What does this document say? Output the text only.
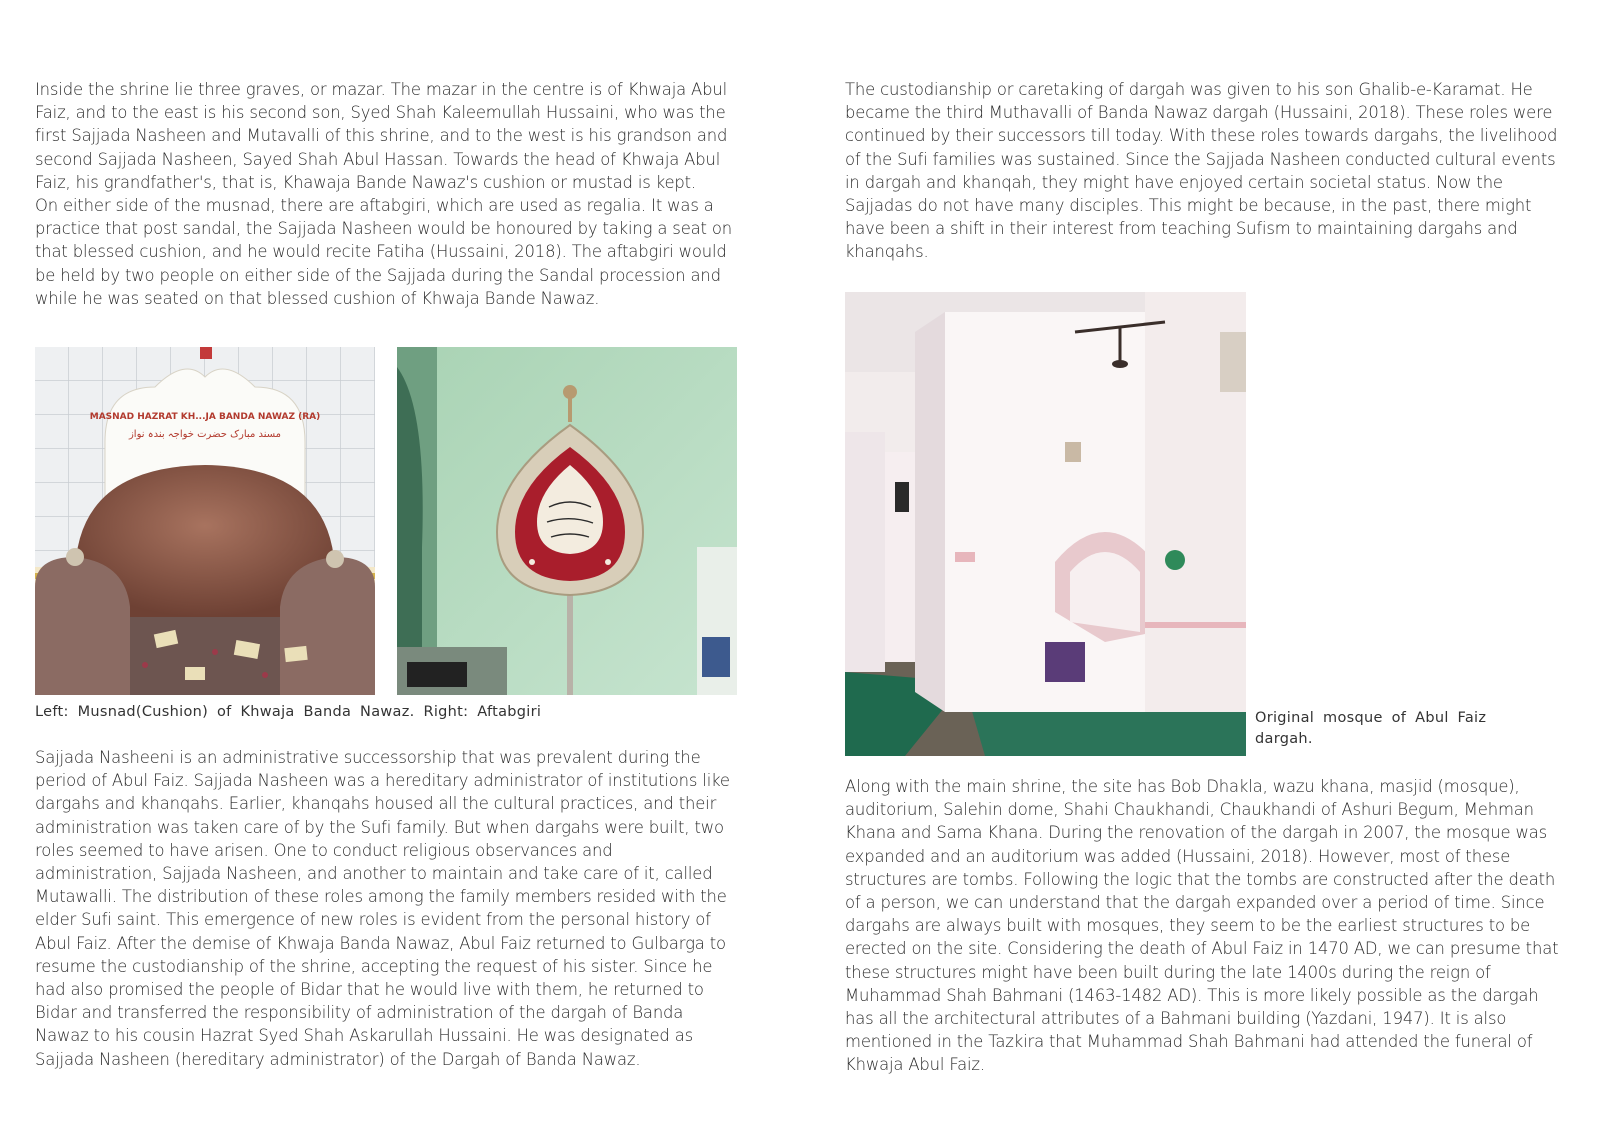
Inside the shrine lie three graves, or mazar. The mazar in the centre is of Khwaja Abul Faiz, and to the east is his second son, Syed Shah Kaleemullah Hussaini, who was the first Sajjada Nasheen and Mutavalli of this shrine, and to the west is his grandson and second Sajjada Nasheen, Sayed Shah Abul Hassan. Towards the head of Khwaja Abul Faiz, his grandfather's, that is, Khawaja Bande Nawaz's cushion or mustad is kept.

On either side of the musnad, there are aftabgiri, which are used as regalia. It was a practice that post sandal, the Sajjada Nasheen would be honoured by taking a seat on that blessed cushion, and he would recite Fatiha (Hussaini, 2018). The aftabgiri would be held by two people on either side of the Sajjada during the Sandal procession and while he was seated on that blessed cushion of Khwaja Bande Nawaz.

MASNAD HAZRAT KH...JA BANDA NAWAZ (RA)
مسند مبارک حضرت خواجہ بندہ نواز

Left: Musnad(Cushion) of Khwaja Banda Nawaz. Right: Aftabgiri

Sajjada Nasheeni is an administrative successorship that was prevalent during the period of Abul Faiz. Sajjada Nasheen was a hereditary administrator of institutions like dargahs and khanqahs. Earlier, khanqahs housed all the cultural practices, and their administration was taken care of by the Sufi family. But when dargahs were built, two roles seemed to have arisen. One to conduct religious observances and administration, Sajjada Nasheen, and another to maintain and take care of it, called Mutawalli. The distribution of these roles among the family members resided with the elder Sufi saint. This emergence of new roles is evident from the personal history of Abul Faiz. After the demise of Khwaja Banda Nawaz, Abul Faiz returned to Gulbarga to resume the custodianship of the shrine, accepting the request of his sister. Since he had also promised the people of Bidar that he would live with them, he returned to Bidar and transferred the responsibility of administration of the dargah of Banda Nawaz to his cousin Hazrat Syed Shah Askarullah Hussaini. He was designated as Sajjada Nasheen (hereditary administrator) of the Dargah of Banda Nawaz.

The custodianship or caretaking of dargah was given to his son Ghalib-e-Karamat. He became the third Muthavalli of Banda Nawaz dargah (Hussaini, 2018). These roles were continued by their successors till today. With these roles towards dargahs, the livelihood of the Sufi families was sustained. Since the Sajjada Nasheen conducted cultural events in dargah and khanqah, they might have enjoyed certain societal status. Now the Sajjadas do not have many disciples. This might be because, in the past, there might have been a shift in their interest from teaching Sufism to maintaining dargahs and khanqahs.

Original mosque of Abul Faiz dargah.

Along with the main shrine, the site has Bob Dhakla, wazu khana, masjid (mosque), auditorium, Salehin dome, Shahi Chaukhandi, Chaukhandi of Ashuri Begum, Mehman Khana and Sama Khana. During the renovation of the dargah in 2007, the mosque was expanded and an auditorium was added (Hussaini, 2018). However, most of these structures are tombs. Following the logic that the tombs are constructed after the death of a person, we can understand that the dargah expanded over a period of time. Since dargahs are always built with mosques, they seem to be the earliest structures to be erected on the site. Considering the death of Abul Faiz in 1470 AD, we can presume that these structures might have been built during the late 1400s during the reign of Muhammad Shah Bahmani (1463-1482 AD). This is more likely possible as the dargah has all the architectural attributes of a Bahmani building (Yazdani, 1947). It is also mentioned in the Tazkira that Muhammad Shah Bahmani had attended the funeral of Khwaja Abul Faiz.
